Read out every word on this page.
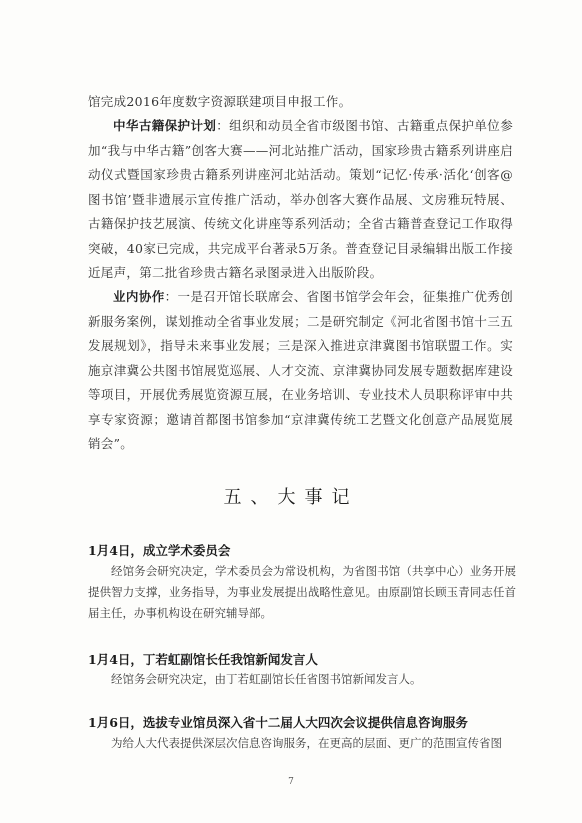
馆完成2016年度数字资源联建项目申报工作。
中华古籍保护计划：组织和动员全省市级图书馆、古籍重点保护单位参加“我与中华古籍”创客大赛——河北站推广活动，国家珍贵古籍系列讲座启动仪式暨国家珍贵古籍系列讲座河北站活动。策划“记忆·传承·活化‘创客@图书馆’暨非遗展示宣传推广活动，举办创客大赛作品展、文房雅玩特展、古籍保护技艺展演、传统文化讲座等系列活动；全省古籍普查登记工作取得突破，40家已完成，共完成平台著录5万条。普查登记目录编辑出版工作接近尾声，第二批省珍贵古籍名录图录进入出版阶段。
业内协作：一是召开馆长联席会、省图书馆学会年会，征集推广优秀创新服务案例，谋划推动全省事业发展；二是研究制定《河北省图书馆十三五发展规划》，指导未来事业发展；三是深入推进京津冀图书馆联盟工作。实施京津冀公共图书馆展览巡展、人才交流、京津冀协同发展专题数据库建设等项目，开展优秀展览资源互展，在业务培训、专业技术人员职称评审中共享专家资源；邀请首都图书馆参加“京津冀传统工艺暨文化创意产品展览展销会”。
五、大事记
1月4日，成立学术委员会
经馆务会研究决定，学术委员会为常设机构，为省图书馆（共享中心）业务开展提供智力支撑，业务指导，为事业发展提出战略性意见。由原副馆长顾玉青同志任首届主任，办事机构设在研究辅导部。
1月4日，丁若虹副馆长任我馆新闻发言人
经馆务会研究决定，由丁若虹副馆长任省图书馆新闻发言人。
1月6日，选拔专业馆员深入省十二届人大四次会议提供信息咨询服务
为给人大代表提供深层次信息咨询服务，在更高的层面、更广的范围宣传省图
7
